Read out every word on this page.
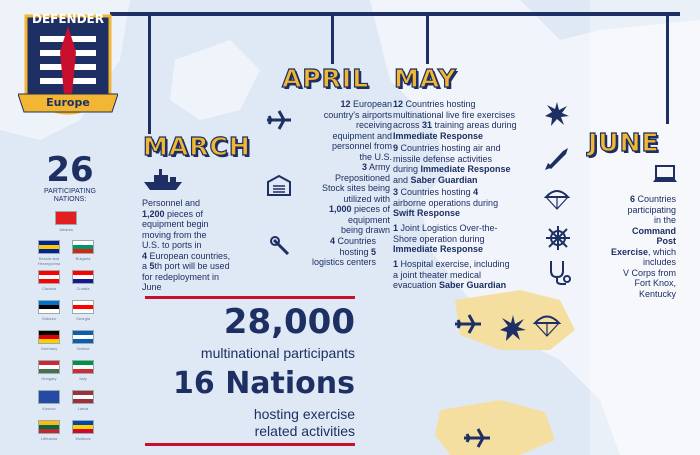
DEFENDER
Europe
26
PARTICIPATING
NATIONS:
Albania
Bosnia and Herzegovina
Bulgaria
Canada	Croatia
Estonia	Georgia
Germany	Greece
Hungary	Italy
Kosovo	Latvia
Lithuania	Moldova
MARCH
APRIL MAY
JUNE
Personnel and
1,200 pieces of
equipment begin
moving from the
U.S. to ports in
4 European countries,
a 5th port will be used
for redeployment in
June
12 European
country's airports
receiving
equipment and
personnel from
the U.S.
3 Army
Prepositioned
Stock sites being
utilized with
1,000 pieces of
equipment
being drawn
4 Countries
hosting 5
logistics centers
12 Countries hosting
multinational live fire exercises
across 31 training areas during
Immediate Response
9 Countries hosting air and
missile defense activities
during Immediate Response
and Saber Guardian
3 Countries hosting 4
airborne operations during
Swift Response
1 Joint Logistics Over-the-
Shore operation during
Immediate Response
1 Hospital exercise, including
a joint theater medical
evacuation Saber Guardian
6 Countries
participating
in the
Command
Post
Exercise, which
includes
V Corps from
Fort Knox,
Kentucky
28,000
multinational participants
16 Nations
hosting exercise
related activities
